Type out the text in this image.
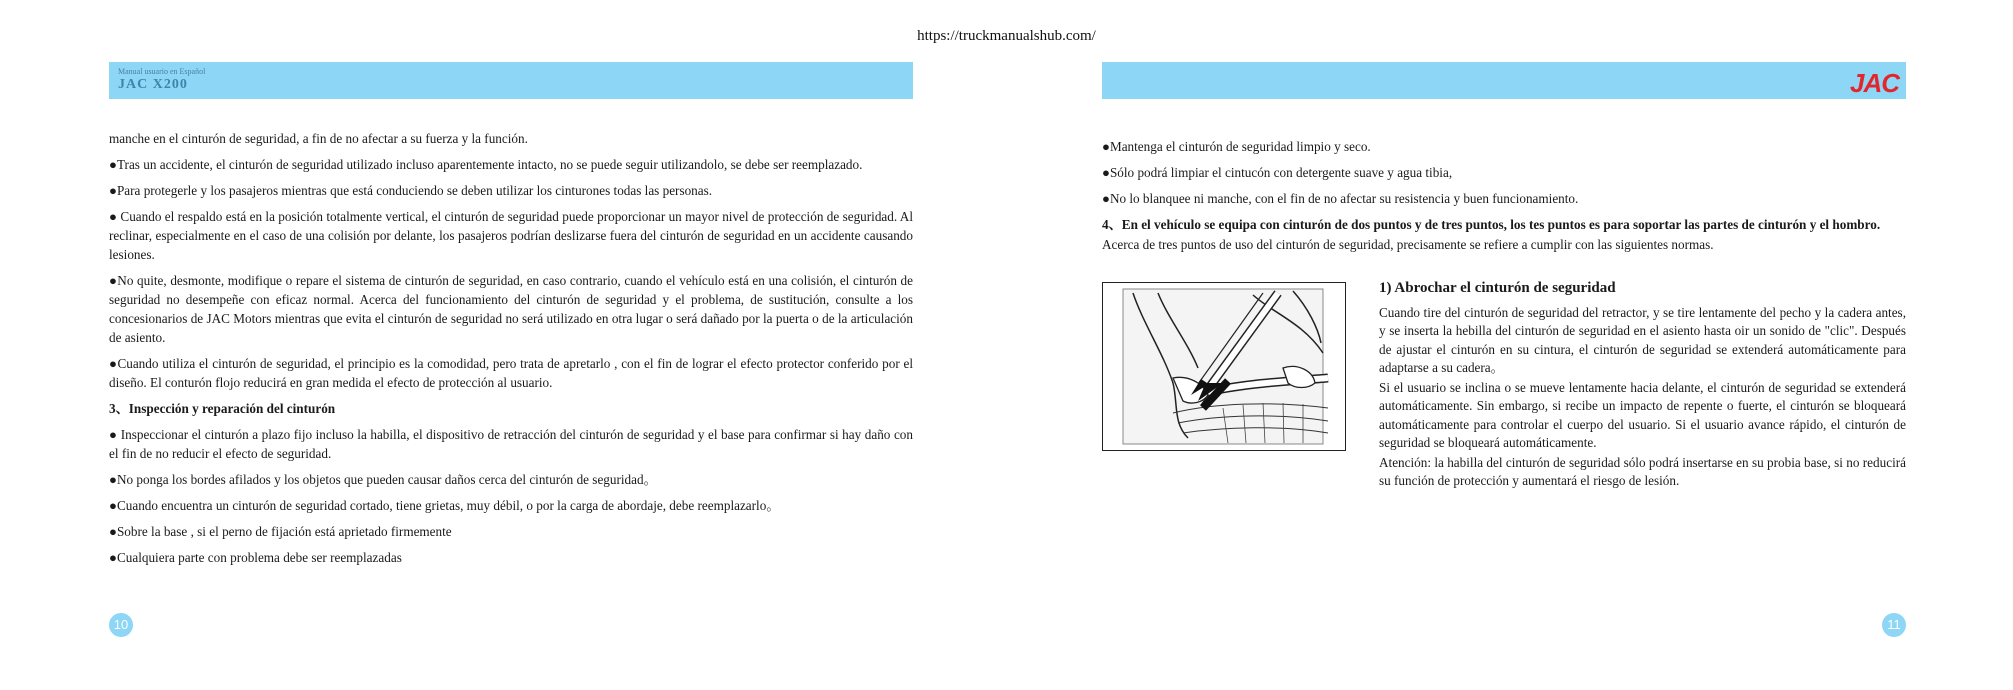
https://truckmanualshub.com/
Manual usuario en Español
JAC X200	JAC

manche en el cinturón de seguridad, a fin de no afectar a su fuerza y la función.

●Tras un accidente, el cinturón de seguridad utilizado incluso aparentemente intacto, no se puede seguir utilizandolo, se debe ser reemplazado.

●Para protegerle y los pasajeros mientras que está conduciendo se deben utilizar los cinturones todas las personas.

● Cuando el respaldo está en la posición totalmente vertical, el cinturón de seguridad puede proporcionar un mayor nivel de protección de seguridad. Al reclinar, especialmente en el caso de una colisión por delante, los pasajeros podrían deslizarse fuera del cinturón de seguridad en un accidente causando lesiones.

●No quite, desmonte, modifique o repare el sistema de cinturón de seguridad, en caso contrario, cuando el vehículo está en una colisión, el cinturón de seguridad no desempeñe con eficaz normal. Acerca del funcionamiento del cinturón de seguridad y el problema, de sustitución, consulte a los concesionarios de JAC Motors mientras que evita el cinturón de seguridad no será utilizado en otra lugar o será dañado por la puerta o de la articulación de asiento.

●Cuando utiliza el cinturón de seguridad, el principio es la comodidad, pero trata de apretarlo , con el fin de lograr el efecto protector conferido por el diseño. El conturón flojo reducirá en gran medida el efecto de protección al usuario.

3、Inspección y reparación del cinturón

● Inspeccionar el cinturón a plazo fijo incluso la habilla, el dispositivo de retracción del cinturón de seguridad y el base para confirmar si hay daño con el fin de no reducir el efecto de seguridad.

●No ponga los bordes afilados y los objetos que pueden causar daños cerca del cinturón de seguridad。

●Cuando encuentra un cinturón de seguridad cortado, tiene grietas, muy débil, o por la carga de abordaje, debe reemplazarlo。

●Sobre la base , si el perno de fijación está aprietado firmemente

●Cualquiera parte con problema debe ser reemplazadas

●Mantenga el cinturón de seguridad limpio y seco.

●Sólo podrá limpiar el cintucón con detergente suave y agua tibia,

●No lo blanquee ni manche, con el fin de no afectar su resistencia y buen funcionamiento.

4、En el vehículo se equipa con cinturón de dos puntos y de tres puntos, los tes puntos es para soportar las partes de cinturón y el hombro.

Acerca de tres puntos de uso del cinturón de seguridad, precisamente se refiere a cumplir con las siguientes normas.

1) Abrochar el cinturón de seguridad

Cuando tire del cinturón de seguridad del retractor, y se tire lentamente del pecho y la cadera antes, y se inserta la hebilla del cinturón de seguridad en el asiento hasta oir un sonido de "clic". Después de ajustar el cinturón en su cintura, el cinturón de seguridad se extenderá automáticamente para adaptarse a su cadera。

Si el usuario se inclina o se mueve lentamente hacia delante, el cinturón de seguridad se extenderá automáticamente. Sin embargo, si recibe un impacto de repente o fuerte, el cinturón se bloqueará automáticamente para controlar el cuerpo del usuario. Si el usuario avance rápido, el cinturón de seguridad se bloqueará automáticamente.

Atención: la habilla del cinturón de seguridad sólo podrá insertarse en su probia base, si no reducirá su función de protección y aumentará el riesgo de lesión.

10	11
